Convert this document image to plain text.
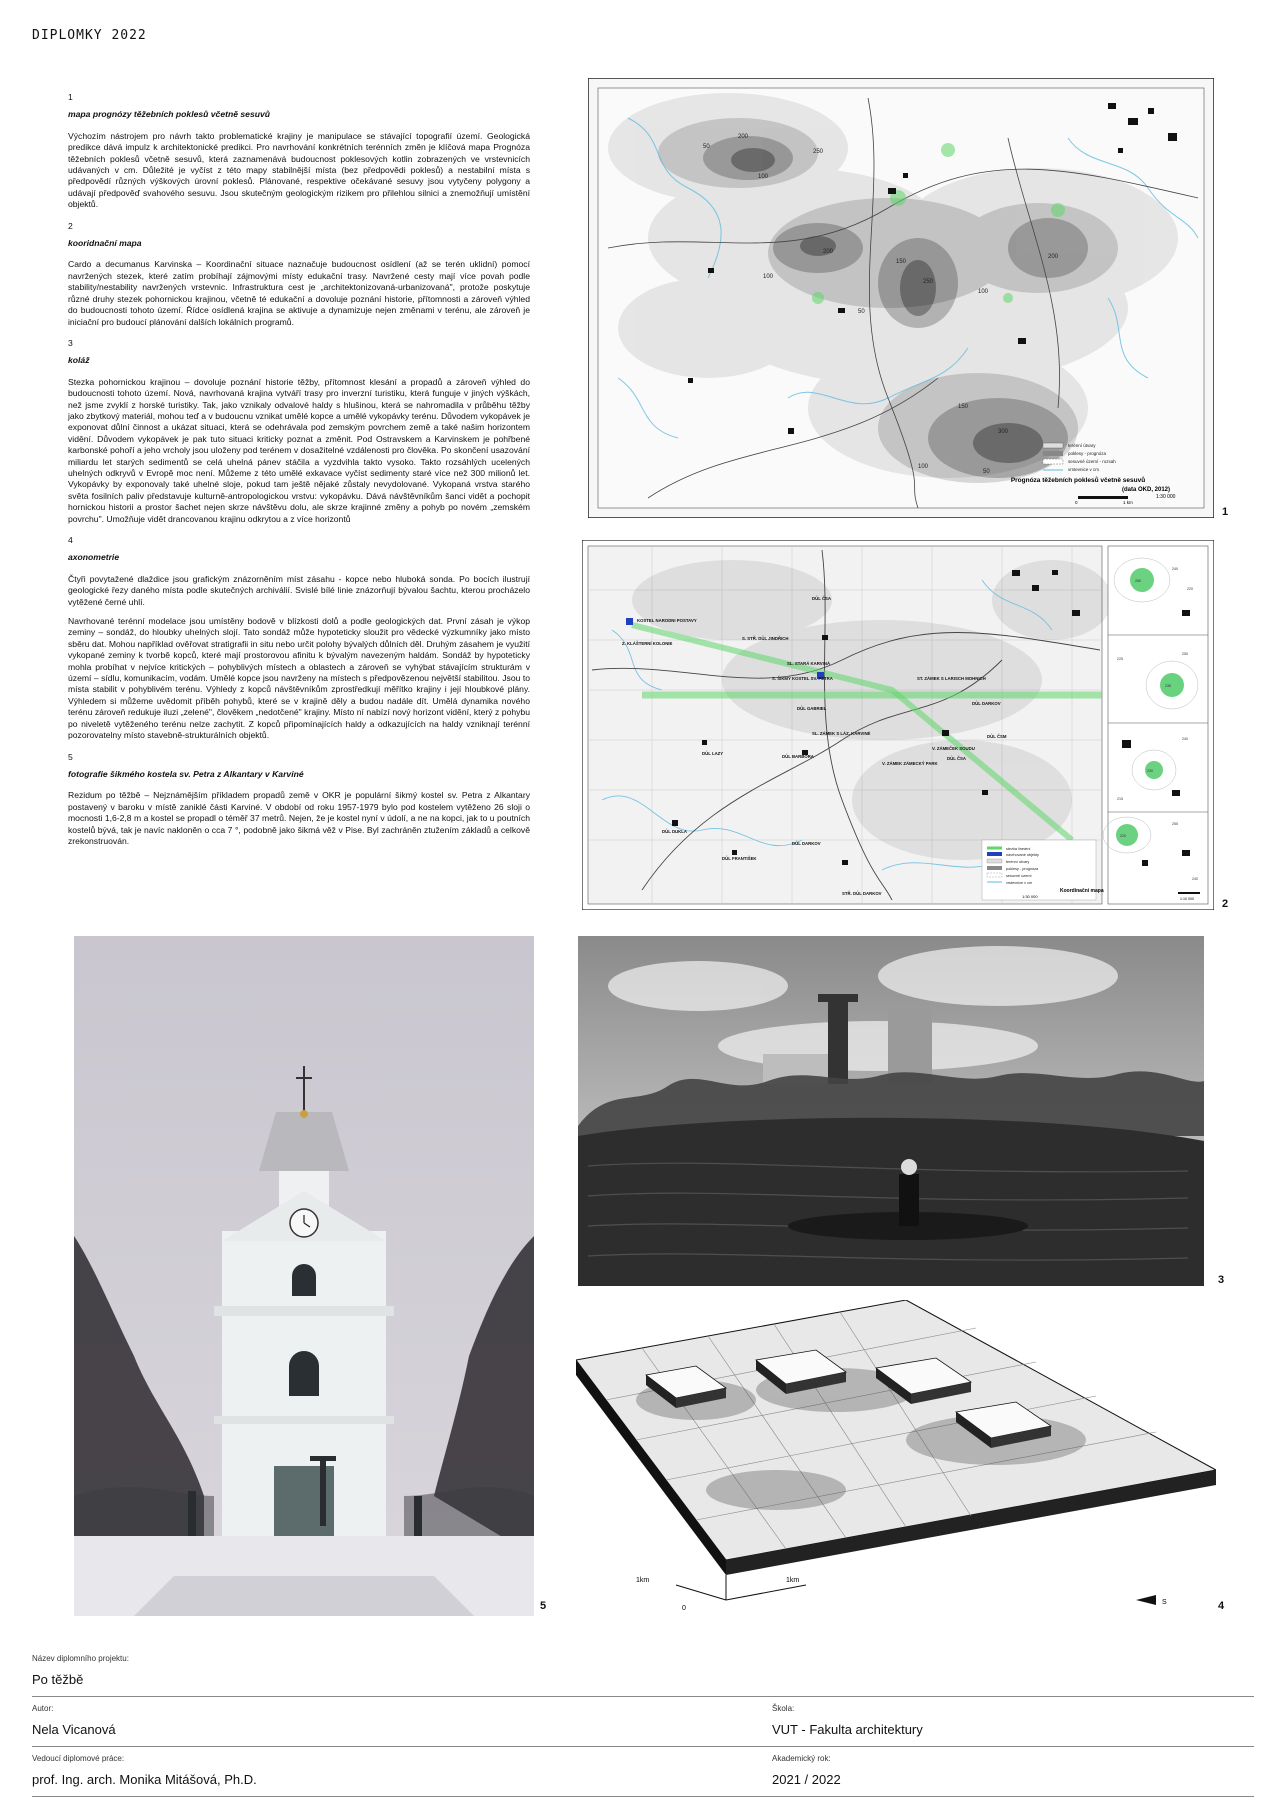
DIPLOMKY 2022
1
mapa prognózy těžebních poklesů včetně sesuvů

Výchozím nástrojem pro návrh takto problematické krajiny je manipulace se stávající topografií území. Geologická predikce dává impulz k architektonické predikci. Pro navrhování konkrétních terénních změn je klíčová mapa Prognóza těžebních poklesů včetně sesuvů, která zaznamenává budoucnost poklesových kotlin zobrazených ve vrstevnicích udávaných v cm. Důležité je vyčíst z této mapy stabilnější místa (bez předpovědi poklesů) a nestabilní místa s předpovědí různých výškových úrovní poklesů. Plánované, respektive očekávané sesuvy jsou vytyčeny polygony a udávají předpověď svahového sesuvu. Jsou skutečným geologickým rizikem pro přilehlou silnici a znemožňují umístění objektů.

2
kooridnační mapa

Cardo a decumanus Karvinska – Koordinační situace naznačuje budoucnost osídlení (až se terén uklidní) pomocí navržených stezek, které zatím probíhají zájmovými místy edukační trasy. Navržené cesty mají více povah podle stability/nestability navržených vrstevnic. Infrastruktura cest je „architektonizovaná-urbanizovaná", protože poskytuje různé druhy stezek pohornickou krajinou, včetně té edukační a dovoluje poznání historie, přítomnosti a zároveň výhled do budoucnosti tohoto území. Řídce osídlená krajina se aktivuje a dynamizuje nejen změnami v terénu, ale zároveň je iniciační pro budoucí plánování dalších lokálních programů.

3
koláž

Stezka pohornickou krajinou – dovoluje poznání historie těžby, přítomnost klesání a propadů a zároveň výhled do budoucnosti tohoto území. Nová, navrhovaná krajina vytváří trasy pro inverzní turistiku, která funguje v jiných výškách, než jsme zvyklí z horské turistiky. Tak, jako vznikaly odvalové haldy s hlušinou, která se nahromadila v průběhu těžby jako zbytkový materiál, mohou teď a v budoucnu vznikat umělé kopce a umělé vykopávky terénu. Důvodem vykopávek je exponovat důlní činnost a ukázat situaci, která se odehrávala pod zemským povrchem země a také našim horizontem vidění. Důvodem vykopávek je pak tuto situaci kriticky poznat a změnit. Pod Ostravskem a Karvinskem je pohřbené karbonské pohoří a jeho vrcholy jsou uloženy pod terénem v dosažitelné vzdálenosti pro člověka. Po skončení usazování miliardu let starých sedimentů se celá uhelná pánev stáčila a vyzdvihla takto vysoko. Takto rozsáhlých ucelených uhelných odkryvů v Evropě moc není. Můžeme z této umělé exkavace vyčíst sedimenty staré více než 300 milionů let. Vykopávky by exponovaly také uhelné sloje, pokud tam ještě nějaké zůstaly nevydolované. Vykopaná vrstva starého světa fosilních paliv představuje kulturně-antropologickou vrstvu: vykopávku. Dává návštěvníkům šanci vidět a pochopit hornickou historii a prostor šachet nejen skrze návštěvu dolu, ale skrze krajinné změny a pohyb po novém „zemském povrchu". Umožňuje vidět drancovanou krajinu odkrytou a z více horizontů

4
axonometrie

Čtyři povytažené dlaždice jsou grafickým znázorněním míst zásahu - kopce nebo hluboká sonda. Po bocích ilustrují geologické řezy daného místa podle skutečných archiválií. Svislé bílé linie znázorňují bývalou šachtu, kterou procházelo vytěžené černé uhlí.

Navrhované terénní modelace jsou umístěny bodově v blízkosti dolů a podle geologických dat. První zásah je výkop zeminy – sondáž, do hloubky uhelných slojí. Tato sondáž může hypoteticky sloužit pro vědecké výzkumníky jako místo sběru dat. Mohou například ověřovat stratigrafii in situ nebo určit polohy bývalých důlních děl. Druhým zásahem je využití vykopané zeminy k tvorbě kopců, které mají prostorovou afinitu k bývalým navezeným haldám. Sondáž by hypoteticky mohla probíhat v nejvíce kritických – pohyblivých místech a oblastech a zároveň se vyhýbat stávajícím strukturám v území – sídlu, komunikacím, vodám. Umělé kopce jsou navrženy na místech s předpovězenou největší stabilitou. Jsou to místa stabilit v pohyblivém terénu. Výhledy z kopců návštěvníkům zprostředkují měřítko krajiny i její hloubkové plány. Výhledem si můžeme uvědomit příběh pohybů, které se v krajině děly a budou nadále dít. Umělá dynamika nového terénu zároveň redukuje iluzi „zelené", člověkem „nedotčené" krajiny. Místo ní nabízí nový horizont vidění, který z pohybu po niveletě vytěženého terénu nelze zachytit. Z kopců připomínajících haldy a odkazujících na haldy vzniknají terénní pozorovatelny místo stavebně-strukturálních objektů.

5
fotografie šikmého kostela sv. Petra z Alkantary v Karviné

Rezidum po těžbě – Nejznámějším příkladem propadů země v OKR je populární šikmý kostel sv. Petra z Alkantary postavený v baroku v místě zaniklé části Karviné. V období od roku 1957-1979 bylo pod kostelem vytěženo 26 sloji o mocnosti 1,6-2,8 m a kostel se propadl o téměř 37 metrů. Nejen, že je kostel nyní v údolí, a ne na kopci, jak to u poutních kostelů bývá, tak je navíc nakloněn o cca 7 °, podobně jako šikmá věž v Pise. Byl zachráněn ztužením základů a celkově zrekonstruován.

50
100
200
250
100
200
150
50
100
250
200
300
150
100
50
terénní útvary
poklesy - prognóza
sesuvné území - rozsah
vrstevnice v cm
Prognóza těžebních poklesů včetně sesuvů
(data OKD, 2012)
0	1 km
1:30 000
1
KOSTEL NARODNI POSTAVY
Z. KLÁŠTERNÍ KOLONIE
DŮL ČSA
S. STŘ. DŮL JINDŘICH
SL. STARÁ KARVINÁ
S. ŠIKMÝ KOSTEL SV. PETRA
DŮL GABRIEL
ST. ZÁMEK S LARISCH MOHNICH
DŮL DARKOV
DŮL LAZY
DŮL BARBORA
SL. ZÁMEK S LÁZ. KARVINÉ
V. ZÁMEČEK SOUDU
DŮL ČSM
V. ZÁMEK ZÁMECKÝ PARK
DŮL DUKLA
DŮL FRANTIŠEK
DŮL DARKOV
STŘ. DŮL DARKOV
DŮL ČSA
stezka lineární
navrhované objekty
terénní útvary
poklesy - prognóza
sesuvné území
vrstevnice v cm
Koordinační mapa
1:30 000
260
240
220
225
235
250
230
240
215
220
255
240
1:10 000	2
5
3
1km	1km
0
S	4
Název diplomního projektu:
Po těžbě
Autor:
Nela Vicanová
Škola:
VUT - Fakulta architektury
Vedoucí diplomové práce:
prof. Ing. arch. Monika Mitášová, Ph.D.
Akademický rok:
2021 / 2022
